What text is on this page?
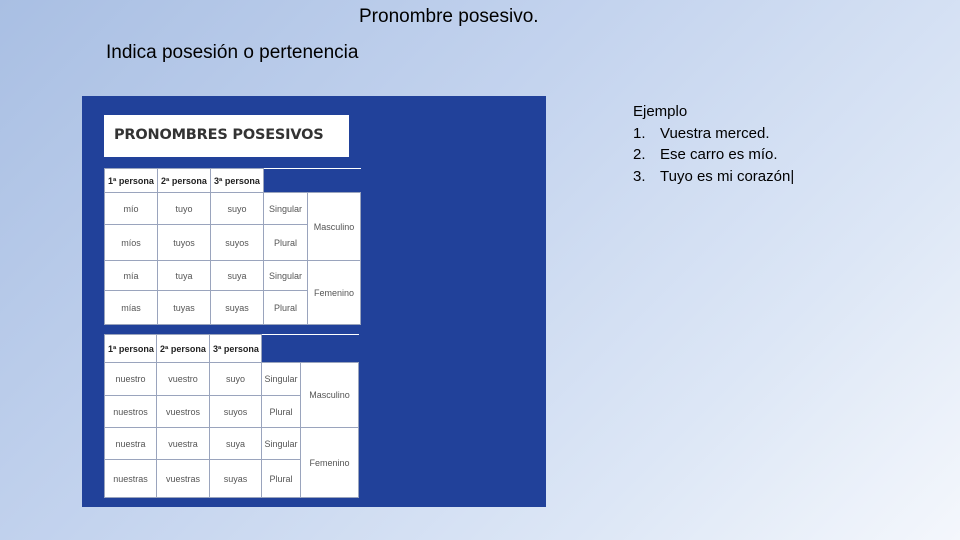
Pronombre posesivo.
Indica posesión o pertenencia
PRONOMBRES POSESIVOS
1ª persona	2ª persona	3ª persona		
mío	tuyo	suyo	Singular	Masculino
míos	tuyos	suyos	Plural	
mía	tuya	suya	Singular	Femenino
mías	tuyas	suyas	Plural	
1ª persona	2ª persona	3ª persona		
nuestro	vuestro	suyo	Singular	Masculino
nuestros	vuestros	suyos	Plural	
nuestra	vuestra	suya	Singular	Femenino
nuestras	vuestras	suyas	Plural	
Ejemplo
1. Vuestra merced.
2. Ese carro es mío.
3. Tuyo es mi corazón|
